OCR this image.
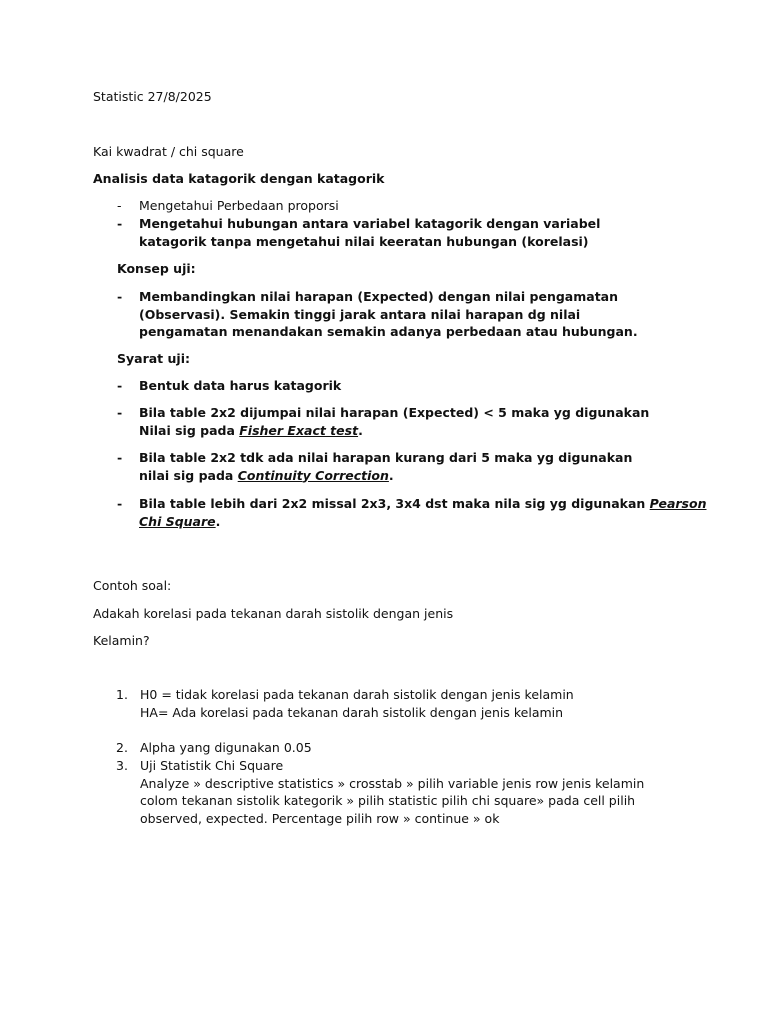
Statistic 27/8/2025

Kai kwadrat / chi square

Analisis data katagorik dengan katagorik

-	Mengetahui Perbedaan proporsi
-	Mengetahui hubungan antara variabel katagorik dengan variabel katagorik tanpa mengetahui nilai keeratan hubungan (korelasi)

Konsep uji:

-	Membandingkan nilai harapan (Expected) dengan nilai pengamatan (Observasi). Semakin tinggi jarak antara nilai harapan dg nilai pengamatan menandakan semakin adanya perbedaan atau hubungan.

Syarat uji:

-	Bentuk data harus katagorik
-	Bila table 2x2 dijumpai nilai harapan (Expected) < 5 maka yg digunakan Nilai sig pada Fisher Exact test.
-	Bila table 2x2 tdk ada nilai harapan kurang dari 5 maka yg digunakan nilai sig pada Continuity Correction.
-	Bila table lebih dari 2x2 missal 2x3, 3x4 dst maka nila sig yg digunakan Pearson Chi Square.

Contoh soal:

Adakah korelasi pada tekanan darah sistolik dengan jenis

Kelamin?

1. H0 = tidak korelasi pada tekanan darah sistolik dengan jenis kelamin
HA= Ada korelasi pada tekanan darah sistolik dengan jenis kelamin
2. Alpha yang digunakan 0.05
3. Uji Statistik Chi Square
Analyze » descriptive statistics » crosstab » pilih variable jenis row jenis kelamin colom tekanan sistolik kategorik » pilih statistic pilih chi square» pada cell pilih observed, expected. Percentage pilih row » continue » ok
